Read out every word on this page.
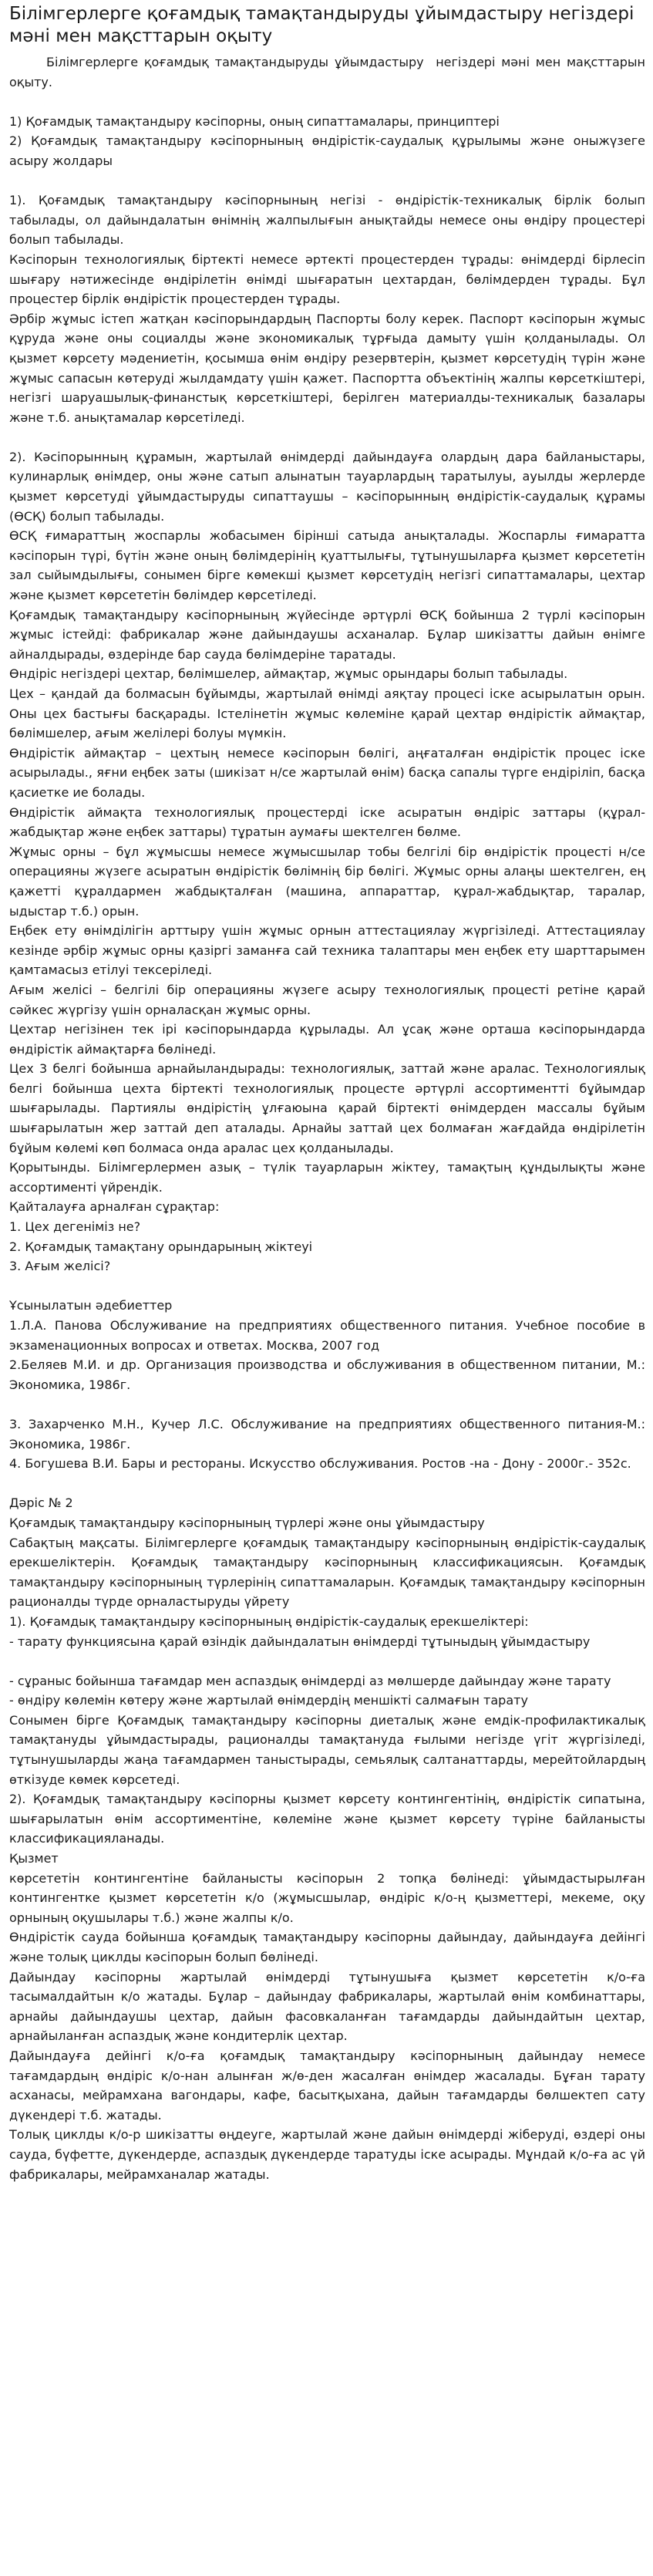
Білімгерлерге қоғамдық тамақтандыруды ұйымдастыру негіздері мәні мен мақсттарын оқыту

Білімгерлерге қоғамдық тамақтандыруды ұйымдастыру  негіздері мәні мен мақсттарын оқыту.

1) Қоғамдық тамақтандыру кәсіпорны, оның сипаттамалары, принциптері

2) Қоғамдық тамақтандыру кәсіпорнының өндірістік-саудалық құрылымы және оныжүзеге асыру жолдары

1). Қоғамдық тамақтандыру кәсіпорнының негізі - өндірістік-техникалық бірлік болып табылады, ол дайындалатын өнімнің жалпылығын анықтайды немесе оны өндіру процестері болып табылады.

Кәсіпорын технологиялық біртекті немесе әртекті процестерден тұрады: өнімдерді бірлесіп шығару нәтижесінде өндірілетін өнімді шығаратын цехтардан, бөлімдерден тұрады. Бұл процестер бірлік өндірістік процестерден тұрады.

Әрбір жұмыс істеп жатқан кәсіпорындардың Паспорты болу керек. Паспорт кәсіпорын жұмыс құруда және оны социалды және экономикалық тұрғыда дамыту үшін қолданылады. Ол қызмет көрсету мәдениетін, қосымша өнім өндіру резервтерін, қызмет көрсетудің түрін және жұмыс сапасын көтеруді жылдамдату үшін қажет. Паспортта объектінің жалпы көрсеткіштері, негізгі шаруашылық-финанстық көрсеткіштері, берілген материалды-техникалық базалары және т.б. анықтамалар көрсетіледі.

2). Кәсіпорынның құрамын, жартылай өнімдерді дайындауға олардың дара байланыстары, кулинарлық өнімдер, оны және сатып алынатын тауарлардың таратылуы, ауылды жерлерде қызмет көрсетуді ұйымдастыруды сипаттаушы – кәсіпорынның өндірістік-саудалық құрамы (ӨСҚ) болып табылады.

ӨСҚ ғимараттың жоспарлы жобасымен бірінші сатыда анықталады. Жоспарлы ғимаратта кәсіпорын түрі, бүтін және оның бөлімдерінің қуаттылығы, тұтынушыларға қызмет көрсететін зал сыйымдылығы, сонымен бірге көмекші қызмет көрсетудің негізгі сипаттамалары, цехтар және қызмет көрсететін бөлімдер көрсетіледі.

Қоғамдық тамақтандыру кәсіпорнының жүйесінде әртүрлі ӨСҚ бойынша 2 түрлі кәсіпорын жұмыс істейді: фабрикалар және дайындаушы асханалар. Бұлар шикізатты дайын өнімге айналдырады, өздерінде бар сауда бөлімдеріне таратады.

Өндіріс негіздері цехтар, бөлімшелер, аймақтар, жұмыс орындары болып табылады.

Цех – қандай да болмасын бұйымды, жартылай өнімді аяқтау процесі іске асырылатын орын. Оны цех бастығы басқарады. Істелінетін жұмыс көлеміне қарай цехтар өндірістік аймақтар, бөлімшелер, ағым желілері болуы мүмкін.

Өндірістік аймақтар – цехтың немесе кәсіпорын бөлігі, аңғаталған өндірістік процес іске асырылады., яғни еңбек заты (шикізат н/се жартылай өнім) басқа сапалы түрге ендіріліп, басқа қасиетке ие болады.

Өндірістік аймақта технологиялық процестерді іске асыратын өндіріс заттары (құрал-жабдықтар және еңбек заттары) тұратын аумағы шектелген бөлме.

Жұмыс орны – бұл жұмысшы немесе жұмысшылар тобы белгілі бір өндірістік процесті н/се операцияны жүзеге асыратын өндірістік бөлімнің бір бөлігі. Жұмыс орны алаңы шектелген, ең қажетті құралдармен жабдықталған (машина, аппараттар, құрал-жабдықтар, таралар, ыдыстар т.б.) орын.

Еңбек ету өнімділігін арттыру үшін жұмыс орнын аттестациялау жүргізіледі. Аттестациялау кезінде әрбір жұмыс орны қазіргі заманға сай техника талаптары мен еңбек ету шарттарымен қамтамасыз етілуі тексеріледі.

Ағым желісі – белгілі бір операцияны жүзеге асыру технологиялық процесті ретіне қарай сәйкес жүргізу үшін орналасқан жұмыс орны.

Цехтар негізінен тек ірі кәсіпорындарда құрылады. Ал ұсақ және орташа кәсіпорындарда өндірістік аймақтарға бөлінеді.

Цех 3 белгі бойынша арнайыландырады: технологиялық, заттай және аралас. Технологиялық белгі бойынша цехта біртекті технологиялық процесте әртүрлі ассортиментті бұйымдар шығарылады. Партиялы өндірістің ұлғаюына қарай біртекті өнімдерден массалы бұйым шығарылатын жер заттай деп аталады. Арнайы заттай цех болмаған жағдайда өндірілетін бұйым көлемі көп болмаса онда аралас цех қолданылады.

Қорытынды. Білімгерлермен азық – түлік тауарларын жіктеу, тамақтың құндылықты және ассортименті үйрендік.

Қайталауға арналған сұрақтар:

1. Цех дегеніміз не?

2. Қоғамдық тамақтану орындарының жіктеуі

3. Ағым желісі?

Ұсынылатын әдебиеттер

1.Л.А. Панова Обслуживание на предприятиях общественного питания. Учебное пособие в экзаменационных вопросах и ответах. Москва, 2007 год

2.Беляев М.И. и др. Организация производства и обслуживания в общественном питании, М.: Экономика, 1986г.

3. Захарченко М.Н., Кучер Л.С. Обслуживание на предприятиях общественного питания-М.: Экономика, 1986г.

4. Богушева В.И. Бары и рестораны. Искусство обслуживания. Ростов -на - Дону - 2000г.- 352с.

Дәріс № 2

Қоғамдық тамақтандыру кәсіпорнының түрлері және оны ұйымдастыру

Сабақтың мақсаты. Білімгерлерге қоғамдық тамақтандыру кәсіпорнының өндірістік-саудалық ерекшеліктерін. Қоғамдық тамақтандыру кәсіпорнының классификациясын. Қоғамдық тамақтандыру кәсіпорнының түрлерінің сипаттамаларын. Қоғамдық тамақтандыру кәсіпорнын рационалды түрде орналастыруды үйрету

1). Қоғамдық тамақтандыру кәсіпорнының өндірістік-саудалық ерекшеліктері:

- тарату функциясына қарай өзіндік дайындалатын өнімдерді тұтыныдың ұйымдастыру

- сұраныс бойынша тағамдар мен аспаздық өнімдерді аз мөлшерде дайындау және тарату

- өндіру көлемін көтеру және жартылай өнімдердің меншікті салмағын тарату

Сонымен бірге Қоғамдық тамақтандыру кәсіпорны диеталық және емдік-профилактикалық тамақтануды ұйымдастырады, рационалды тамақтануда ғылыми негізде үгіт жүргізіледі, тұтынушыларды жаңа тағамдармен таныстырады, семьялық салтанаттарды, мерейтойлардың өткізуде көмек көрсетеді.

2). Қоғамдық тамақтандыру кәсіпорны қызмет көрсету контингентінің, өндірістік сипатына, шығарылатын өнім ассортиментіне, көлеміне және қызмет көрсету түріне байланысты классификацияланады.

Қызмет

көрсететін контингентіне байланысты кәсіпорын 2 топқа бөлінеді: ұйымдастырылған контингентке қызмет көрсететін к/о (жұмысшылар, өндіріс к/о-ң қызметтері, мекеме, оқу орнының оқушылары т.б.) және жалпы к/о.

Өндірістік сауда бойынша қоғамдық тамақтандыру кәсіпорны дайындау, дайындауға дейінгі және толық циклды кәсіпорын болып бөлінеді.

Дайындау кәсіпорны жартылай өнімдерді тұтынушыға қызмет көрсететін к/о-ға тасымалдайтын к/о жатады. Бұлар – дайындау фабрикалары, жартылай өнім комбинаттары, арнайы дайындаушы цехтар, дайын фасовкаланған тағамдарды дайындайтын цехтар, арнайыланған аспаздық және кондитерлік цехтар.

Дайындауға дейінгі к/о-ға қоғамдық тамақтандыру кәсіпорнының дайындау немесе тағамдардың өндіріс к/о-нан алынған ж/ө-ден жасалған өнімдер жасалады. Бұған тарату асханасы, мейрамхана вагондары, кафе, басытқыхана, дайын тағамдарды бөлшектеп сату дүкендері т.б. жатады.

Толық циклды к/о-р шикізатты өңдеуге, жартылай және дайын өнімдерді жіберуді, өздері оны сауда, бүфетте, дүкендерде, аспаздық дүкендерде таратуды іске асырады. Мұндай к/о-ға ас үй фабрикалары, мейрамханалар жатады.
